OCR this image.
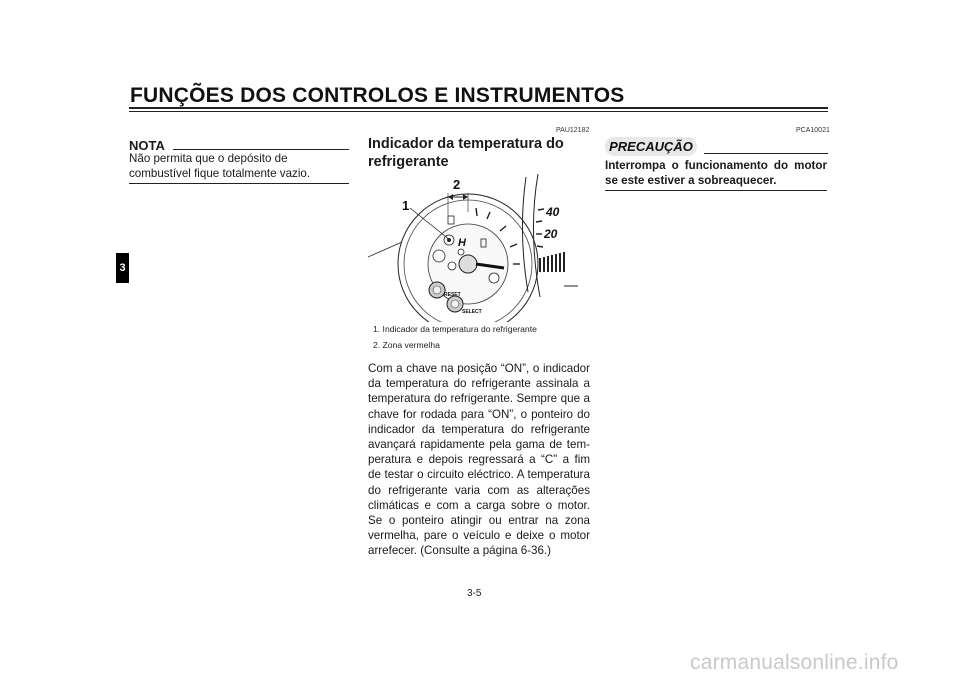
FUNÇÕES DOS CONTROLOS E INSTRUMENTOS
3
NOTA
Não permita que o depósito de combustível fique totalmente vazio.
PAU12182
Indicador da temperatura do refrigerante
H
RESET
SELECT
40
20
1
2
1. Indicador da temperatura do refrigerante
2. Zona vermelha
Com a chave na posição “ON”, o indicador da temperatura do refrigerante assinala a temperatura do refrigerante. Sempre que a chave for rodada para “ON”, o ponteiro do indicador da temperatura do refrigerante avançará rapidamente pela gama de temperatura e depois regressará a “C” a fim de testar o circuito eléctrico. A temperatura do refrigerante varia com as alterações climáticas e com a carga sobre o motor. Se o ponteiro atingir ou entrar na zona vermelha, pare o veículo e deixe o motor arrefecer. (Consulte a página 6-36.)
PCA10021
PRECAUÇÃO
Interrompa o funcionamento do motor se este estiver a sobreaquecer.
3-5
carmanualsonline.info
